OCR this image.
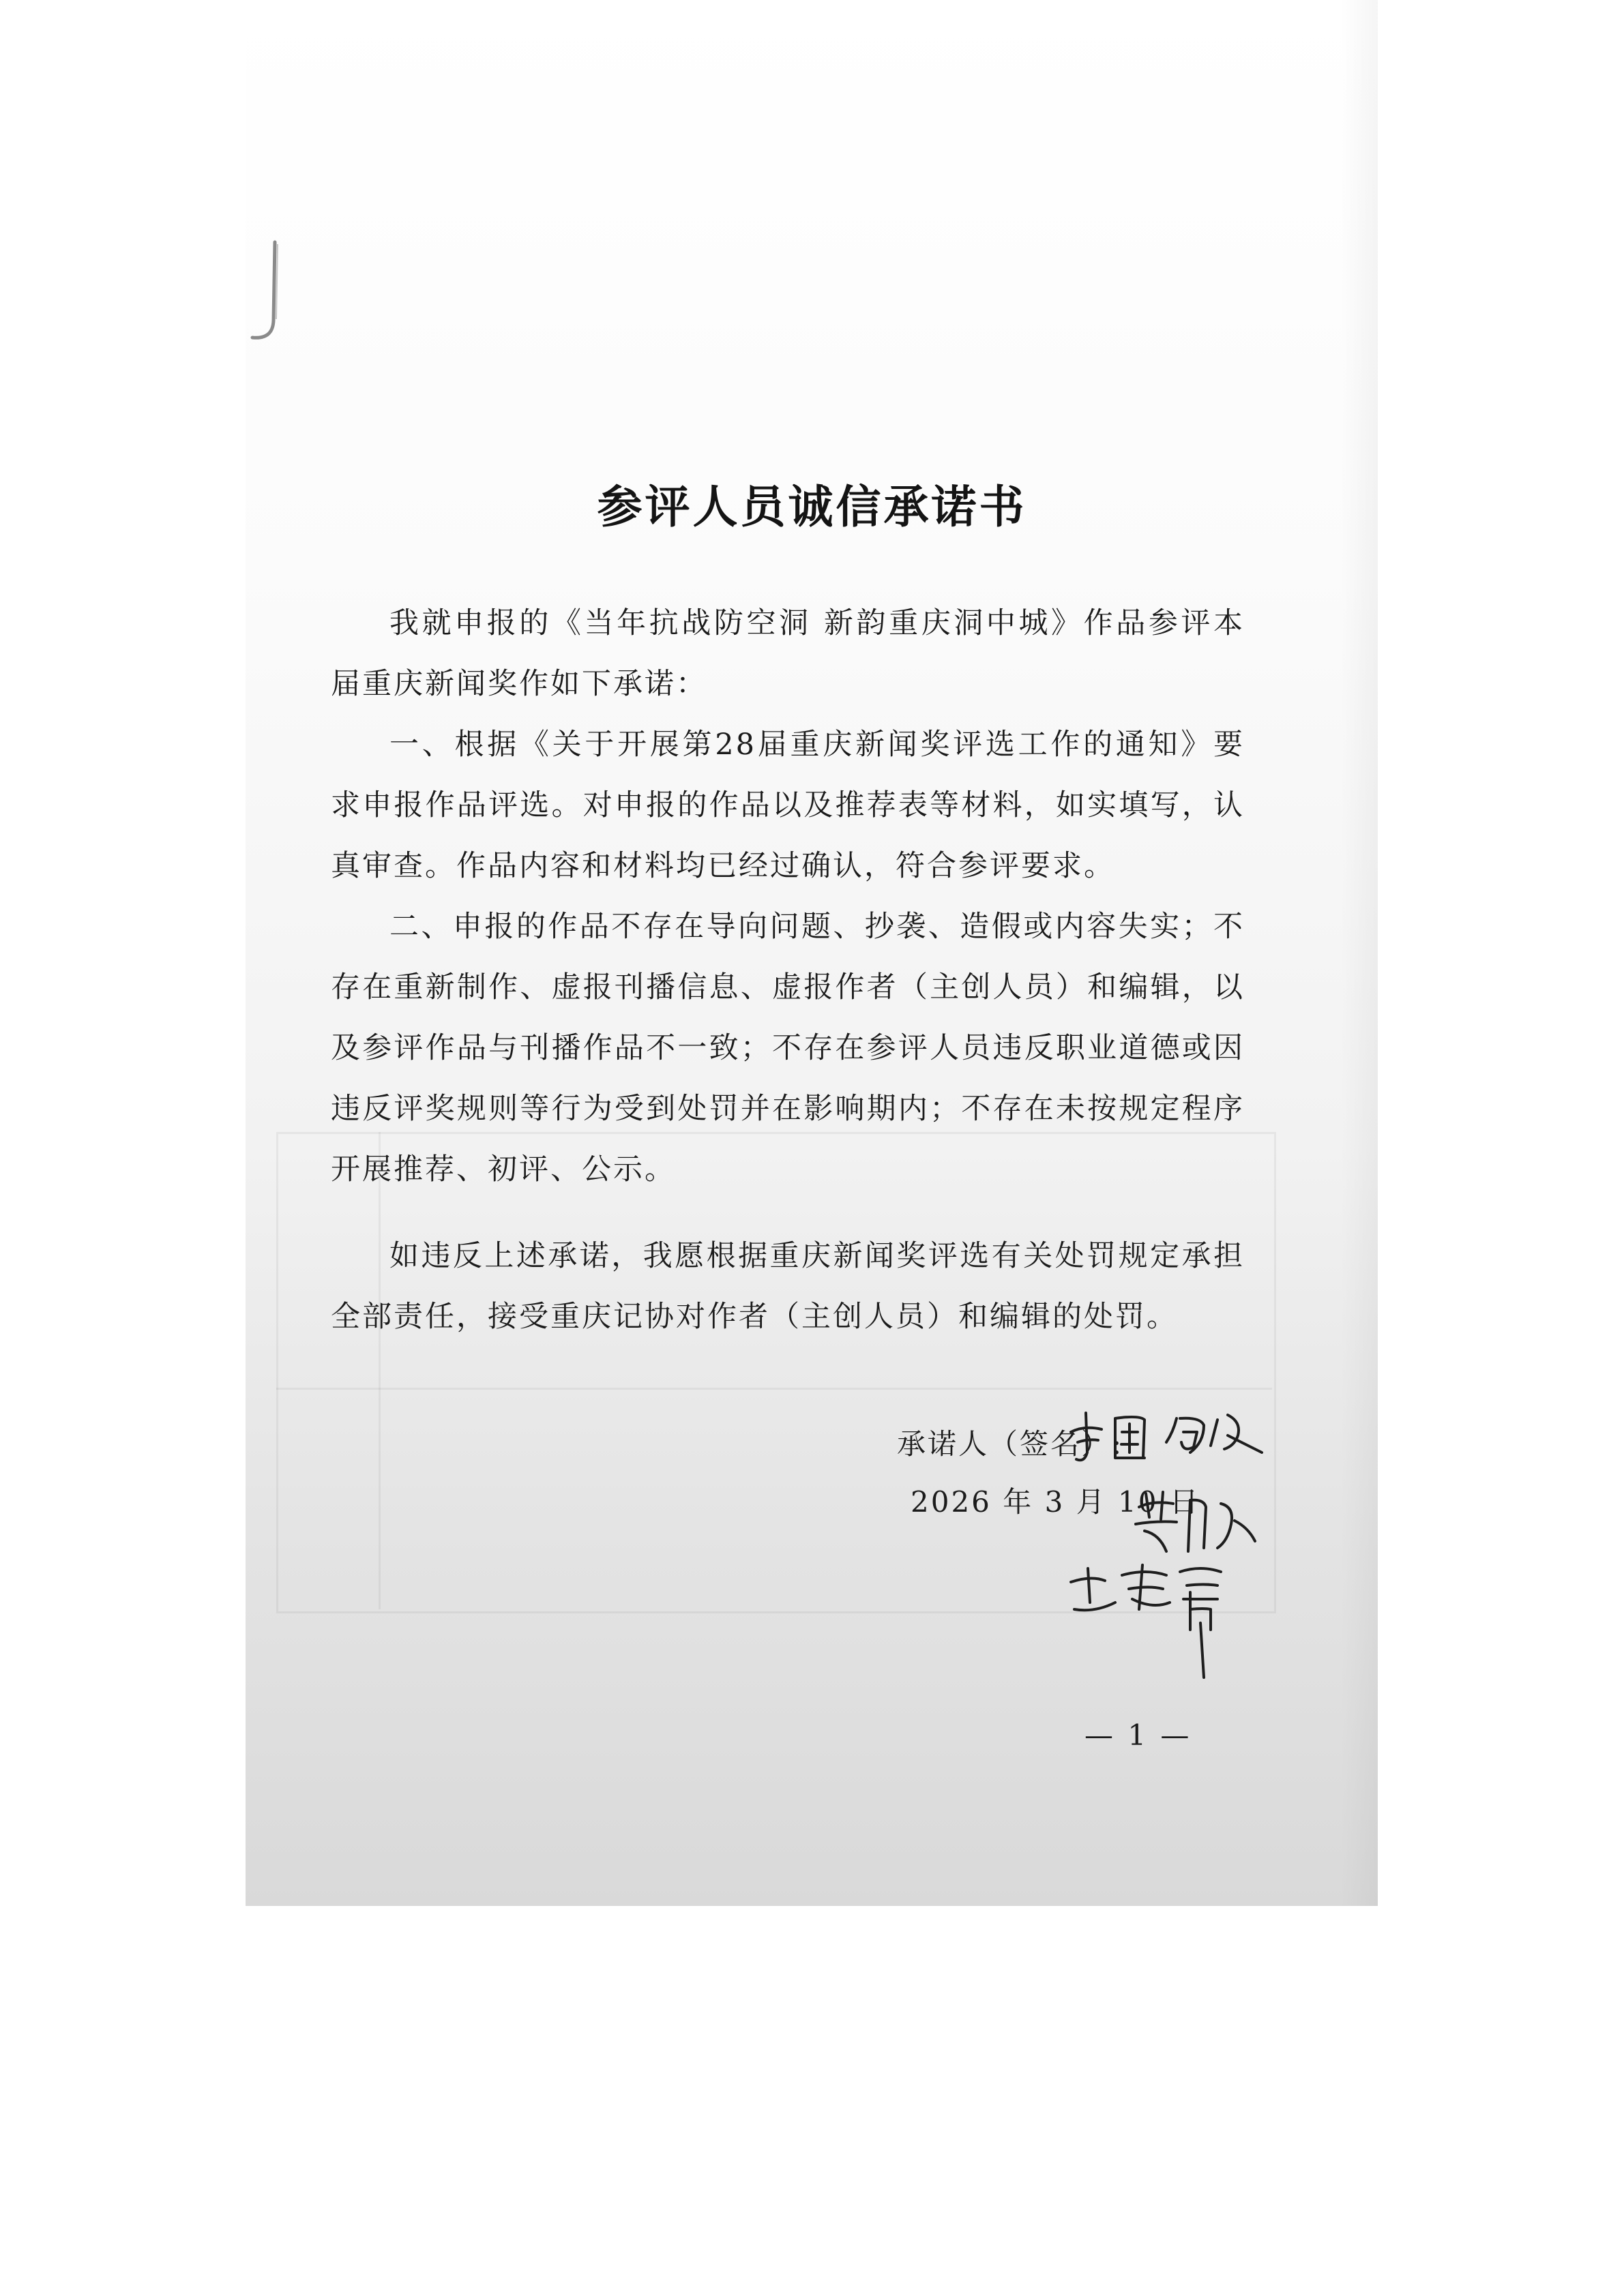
参评人员诚信承诺书

我就申报的《当年抗战防空洞 新韵重庆洞中城》作品参评本届重庆新闻奖作如下承诺：

一、根据《关于开展第28届重庆新闻奖评选工作的通知》要求申报作品评选。对申报的作品以及推荐表等材料，如实填写，认真审查。作品内容和材料均已经过确认，符合参评要求。

二、申报的作品不存在导向问题、抄袭、造假或内容失实；不存在重新制作、虚报刊播信息、虚报作者（主创人员）和编辑，以及参评作品与刊播作品不一致；不存在参评人员违反职业道德或因违反评奖规则等行为受到处罚并在影响期内；不存在未按规定程序开展推荐、初评、公示。

如违反上述承诺，我愿根据重庆新闻奖评选有关处罚规定承担全部责任，接受重庆记协对作者（主创人员）和编辑的处罚。

承诺人（签名）:
2026 年 3 月 10 日
— 1 —
